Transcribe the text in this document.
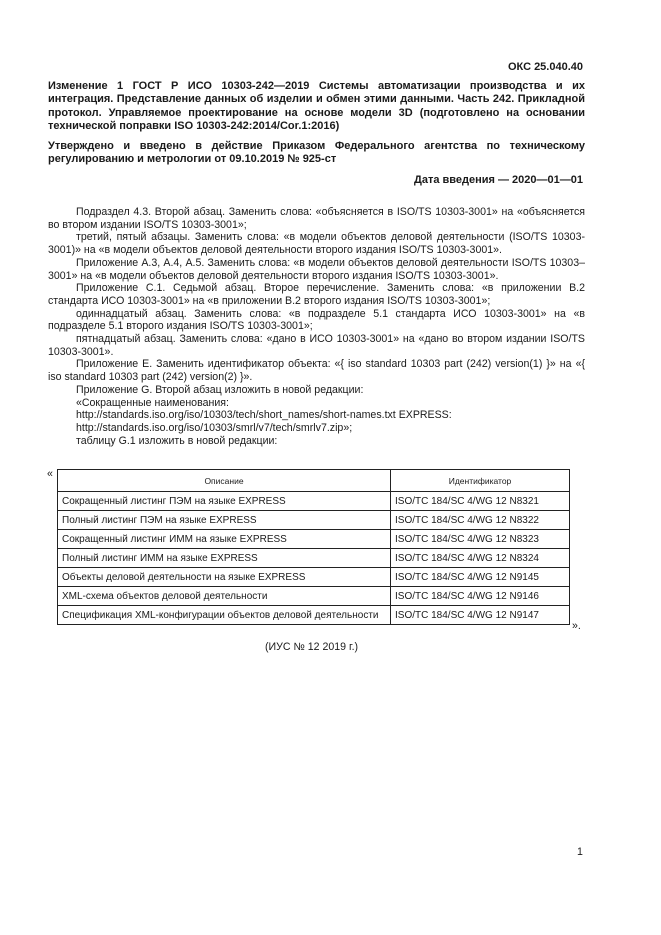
ОКС 25.040.40
Изменение 1 ГОСТ Р ИСО 10303-242—2019 Системы автоматизации производства и их интеграция. Представление данных об изделии и обмен этими данными. Часть 242. Прикладной протокол. Управляемое проектирование на основе модели 3D (подготовлено на основании технической поправки ISO 10303-242:2014/Cor.1:2016)
Утверждено и введено в действие Приказом Федерального агентства по техническому регулированию и метрологии от 09.10.2019 № 925-ст
Дата введения — 2020—01—01

Подраздел 4.3. Второй абзац. Заменить слова: «объясняется в ISO/TS 10303-3001» на «объясняется во втором издании ISO/TS 10303-3001»;

третий, пятый абзацы. Заменить слова: «в модели объектов деловой деятельности (ISO/TS 10303-3001)» на «в модели объектов деловой деятельности второго издания ISO/TS 10303-3001».

Приложение А.3, А.4, А.5. Заменить слова: «в модели объектов деловой деятельности ISO/TS 10303–3001» на «в модели объектов деловой деятельности второго издания ISO/TS 10303-3001».

Приложение С.1. Седьмой абзац. Второе перечисление. Заменить слова: «в приложении В.2 стандарта ИСО 10303-3001» на «в приложении В.2 второго издания ISO/TS 10303-3001»;

одиннадцатый абзац. Заменить слова: «в подразделе 5.1 стандарта ИСО 10303-3001» на «в подразделе 5.1 второго издания ISO/TS 10303-3001»;

пятнадцатый абзац. Заменить слова: «дано в ИСО 10303-3001» на «дано во втором издании ISO/TS 10303-3001».

Приложение Е. Заменить идентификатор объекта: «{ iso standard 10303 part (242) version(1) }» на «{ iso standard 10303 part (242) version(2) }».

Приложение G. Второй абзац изложить в новой редакции:

«Сокращенные наименования:

http://standards.iso.org/iso/10303/tech/short_names/short-names.txt EXPRESS:

http://standards.iso.org/iso/10303/smrl/v7/tech/smrlv7.zip»;

таблицу G.1 изложить в новой редакции:

«
Описание	Идентификатор
Сокращенный листинг ПЭМ на языке EXPRESS	ISO/TC 184/SC 4/WG 12 N8321
Полный листинг ПЭМ на языке EXPRESS	ISO/TC 184/SC 4/WG 12 N8322
Сокращенный листинг ИММ на языке EXPRESS	ISO/TC 184/SC 4/WG 12 N8323
Полный листинг ИММ на языке EXPRESS	ISO/TC 184/SC 4/WG 12 N8324
Объекты деловой деятельности на языке EXPRESS	ISO/TC 184/SC 4/WG 12 N9145
XML-схема объектов деловой деятельности	ISO/TC 184/SC 4/WG 12 N9146
Спецификация XML-конфигурации объектов деловой деятельности	ISO/TC 184/SC 4/WG 12 N9147
».
(ИУС № 12 2019 г.)
1
